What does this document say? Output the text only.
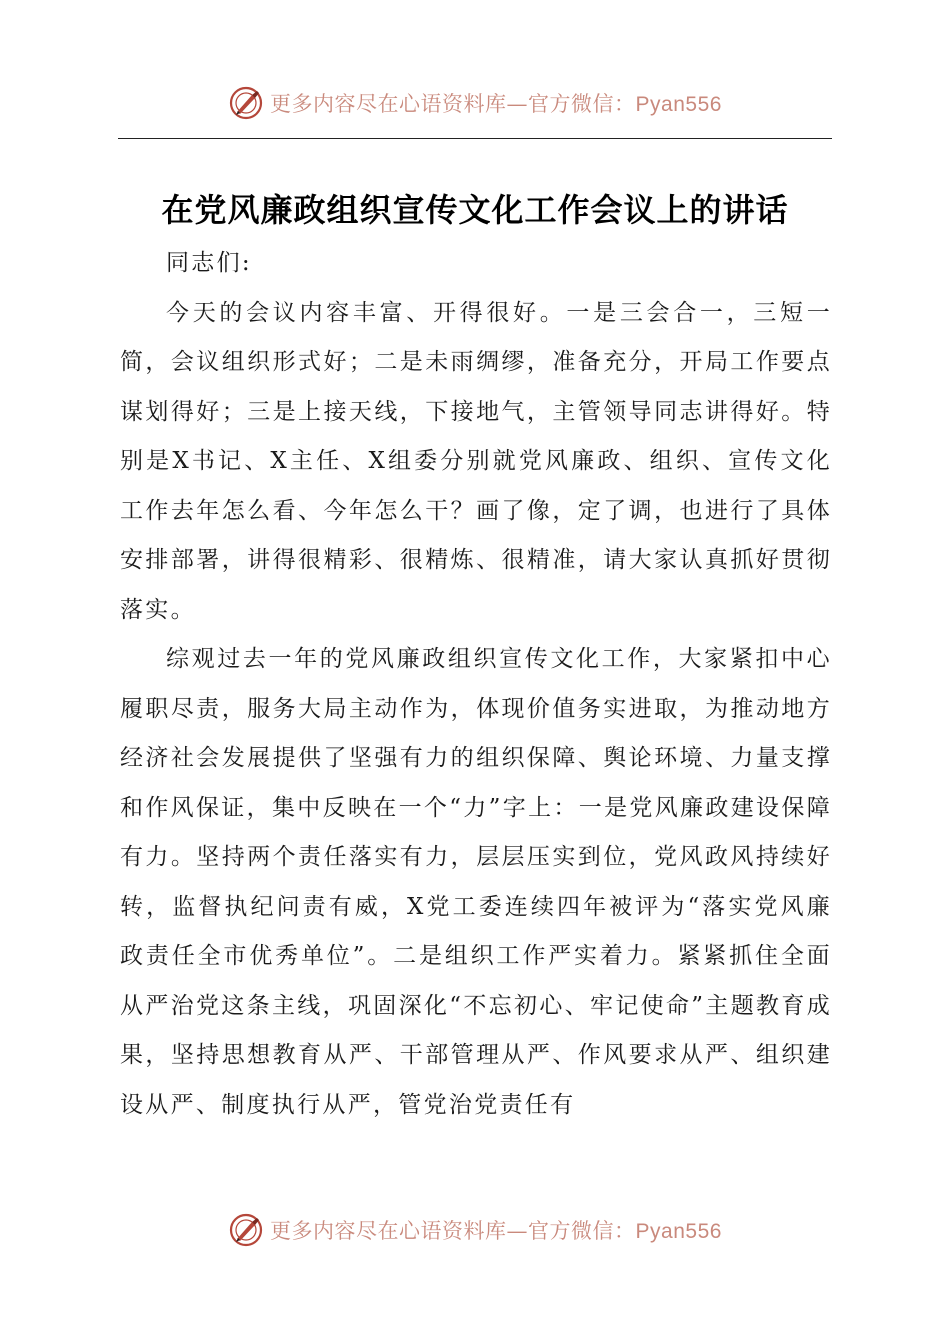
更多内容尽在心语资料库—官方微信：Pyan556
在党风廉政组织宣传文化工作会议上的讲话

同志们:

今天的会议内容丰富、开得很好。一是三会合一，三短一简，会议组织形式好；二是未雨绸缪，准备充分，开局工作要点谋划得好；三是上接天线，下接地气，主管领导同志讲得好。特别是X书记、X主任、X组委分别就党风廉政、组织、宣传文化工作去年怎么看、今年怎么干？画了像，定了调，也进行了具体安排部署，讲得很精彩、很精炼、很精准，请大家认真抓好贯彻落实。

综观过去一年的党风廉政组织宣传文化工作，大家紧扣中心履职尽责，服务大局主动作为，体现价值务实进取，为推动地方经济社会发展提供了坚强有力的组织保障、舆论环境、力量支撑和作风保证，集中反映在一个“力”字上：一是党风廉政建设保障有力。坚持两个责任落实有力，层层压实到位，党风政风持续好转，监督执纪问责有威，X党工委连续四年被评为“落实党风廉政责任全市优秀单位”。二是组织工作严实着力。紧紧抓住全面从严治党这条主线，巩固深化“不忘初心、牢记使命”主题教育成果，坚持思想教育从严、干部管理从严、作风要求从严、组织建设从严、制度执行从严，管党治党责任有

更多内容尽在心语资料库—官方微信：Pyan556
